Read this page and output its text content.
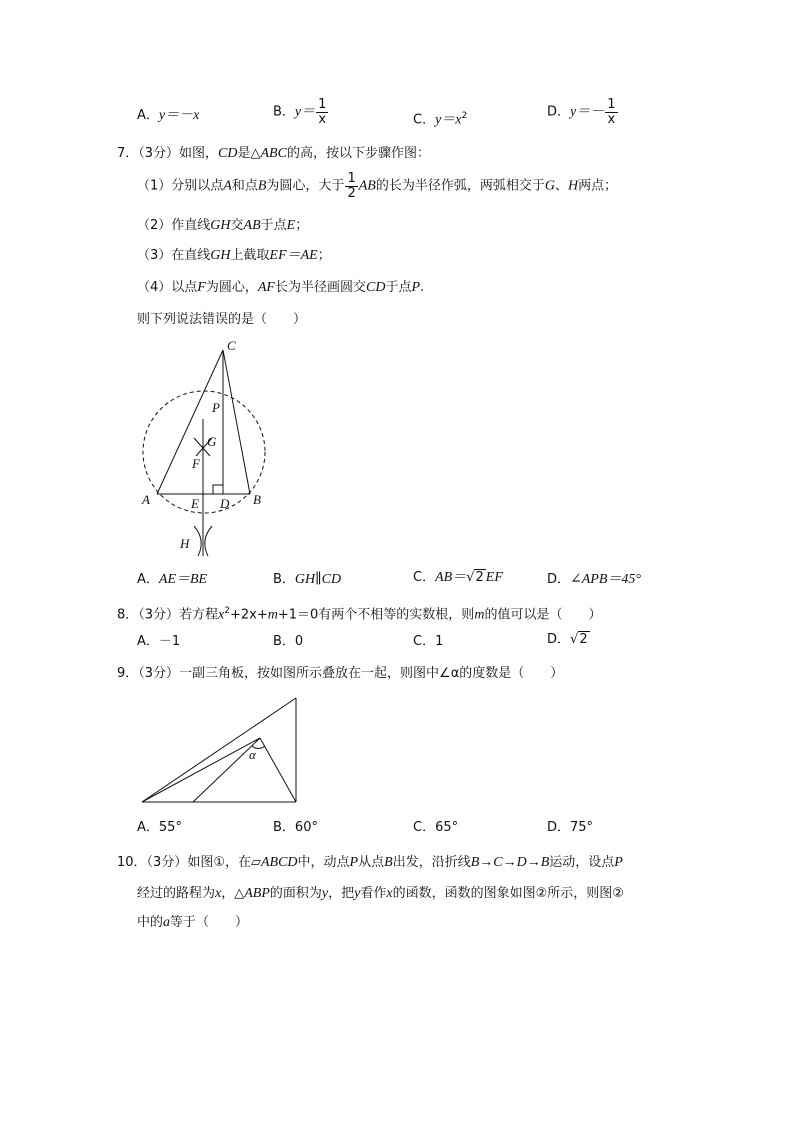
A．y＝－x	B．$y= \frac{1}{x}$	C．$y=x^2$	D．$y=- \frac{1}{x}$
7．（3分）如图，CD是△ABC的高，按以下步骤作图：
（1）分别以点A和点B为圆心，大于 $\frac{1}{2}$ AB的长为半径作弧，两弧相交于G、H两点；
（2）作直线GH交AB于点E；
（3）在直线GH上截取EF＝AE；
（4）以点F为圆心，AF长为半径画圆交CD于点P.
则下列说法错误的是（　　）
C
P
G
F
A	E D B
H
A．AE＝BE	B．GH∥CD	C．AB＝√2 EF	D．∠APB＝45°
8．（3分）若方程$x^2+2x+m+1=0$有两个不相等的实数根，则m的值可以是（　　）
A．－1	B．0	C．1	D．√2
9．（3分）一副三角板，按如图所示叠放在一起，则图中∠α的度数是（　　）
α
A．55°	B．60°	C．65°	D．75°
10．（3分）如图①，在▱ABCD中，动点P从点B出发，沿折线B→C→D→B运动，设点P
经过的路程为x，△ABP的面积为y，把y看作x的函数，函数的图象如图②所示，则图②
中的a等于（　　）
